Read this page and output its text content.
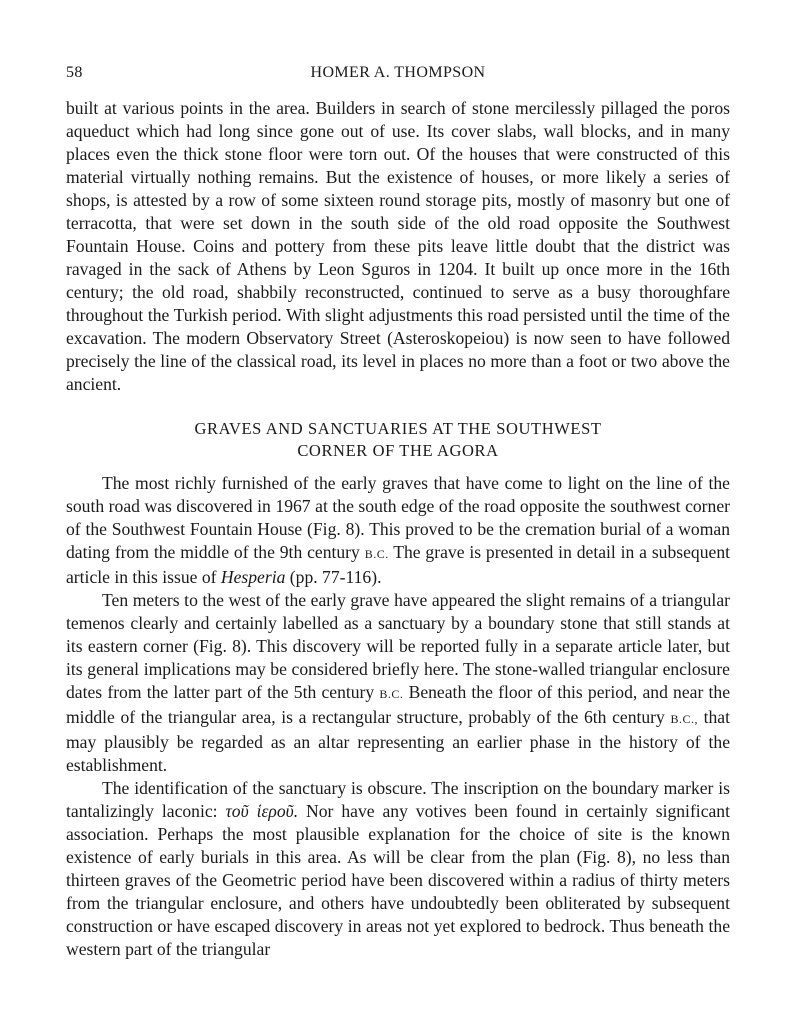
58	HOMER A. THOMPSON

built at various points in the area. Builders in search of stone mercilessly pillaged the poros aqueduct which had long since gone out of use. Its cover slabs, wall blocks, and in many places even the thick stone floor were torn out. Of the houses that were constructed of this material virtually nothing remains. But the existence of houses, or more likely a series of shops, is attested by a row of some sixteen round storage pits, mostly of masonry but one of terracotta, that were set down in the south side of the old road opposite the Southwest Fountain House. Coins and pottery from these pits leave little doubt that the district was ravaged in the sack of Athens by Leon Sguros in 1204. It built up once more in the 16th century; the old road, shabbily reconstructed, continued to serve as a busy thoroughfare throughout the Turkish period. With slight adjustments this road persisted until the time of the excavation. The modern Observatory Street (Asteroskopeiou) is now seen to have followed precisely the line of the classical road, its level in places no more than a foot or two above the ancient.

GRAVES AND SANCTUARIES AT THE SOUTHWEST
CORNER OF THE AGORA

The most richly furnished of the early graves that have come to light on the line of the south road was discovered in 1967 at the south edge of the road opposite the southwest corner of the Southwest Fountain House (Fig. 8). This proved to be the cremation burial of a woman dating from the middle of the 9th century B.C. The grave is presented in detail in a subsequent article in this issue of Hesperia (pp. 77-116).

Ten meters to the west of the early grave have appeared the slight remains of a triangular temenos clearly and certainly labelled as a sanctuary by a boundary stone that still stands at its eastern corner (Fig. 8). This discovery will be reported fully in a separate article later, but its general implications may be considered briefly here. The stone-walled triangular enclosure dates from the latter part of the 5th century B.C. Beneath the floor of this period, and near the middle of the triangular area, is a rectangular structure, probably of the 6th century B.C., that may plausibly be regarded as an altar representing an earlier phase in the history of the establishment.

The identification of the sanctuary is obscure. The inscription on the boundary marker is tantalizingly laconic: τοῦ ἱεροῦ. Nor have any votives been found in certainly significant association. Perhaps the most plausible explanation for the choice of site is the known existence of early burials in this area. As will be clear from the plan (Fig. 8), no less than thirteen graves of the Geometric period have been discovered within a radius of thirty meters from the triangular enclosure, and others have undoubtedly been obliterated by subsequent construction or have escaped discovery in areas not yet explored to bedrock. Thus beneath the western part of the triangular
